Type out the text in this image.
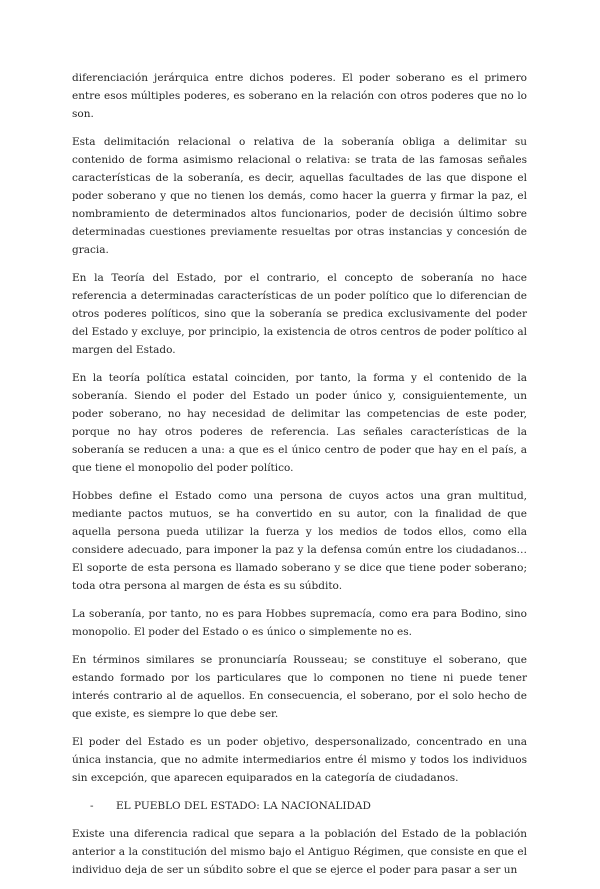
diferenciación jerárquica entre dichos poderes. El poder soberano es el primero entre esos múltiples poderes, es soberano en la relación con otros poderes que no lo son.

Esta delimitación relacional o relativa de la soberanía obliga a delimitar su contenido de forma asimismo relacional o relativa: se trata de las famosas señales características de la soberanía, es decir, aquellas facultades de las que dispone el poder soberano y que no tienen los demás, como hacer la guerra y firmar la paz, el nombramiento de determinados altos funcionarios, poder de decisión último sobre determinadas cuestiones previamente resueltas por otras instancias y concesión de gracia.

En la Teoría del Estado, por el contrario, el concepto de soberanía no hace referencia a determinadas características de un poder político que lo diferencian de otros poderes políticos, sino que la soberanía se predica exclusivamente del poder del Estado y excluye, por principio, la existencia de otros centros de poder político al margen del Estado.

En la teoría política estatal coinciden, por tanto, la forma y el contenido de la soberanía. Siendo el poder del Estado un poder único y, consiguientemente, un poder soberano, no hay necesidad de delimitar las competencias de este poder, porque no hay otros poderes de referencia. Las señales características de la soberanía se reducen a una: a que es el único centro de poder que hay en el país, a que tiene el monopolio del poder político.

Hobbes define el Estado como una persona de cuyos actos una gran multitud, mediante pactos mutuos, se ha convertido en su autor, con la finalidad de que aquella persona pueda utilizar la fuerza y los medios de todos ellos, como ella considere adecuado, para imponer la paz y la defensa común entre los ciudadanos… El soporte de esta persona es llamado soberano y se dice que tiene poder soberano; toda otra persona al margen de ésta es su súbdito.

La soberanía, por tanto, no es para Hobbes supremacía, como era para Bodino, sino monopolio. El poder del Estado o es único o simplemente no es.

En términos similares se pronunciaría Rousseau; se constituye el soberano, que estando formado por los particulares que lo componen no tiene ni puede tener interés contrario al de aquellos. En consecuencia, el soberano, por el solo hecho de que existe, es siempre lo que debe ser.

El poder del Estado es un poder objetivo, despersonalizado, concentrado en una única instancia, que no admite intermediarios entre él mismo y todos los individuos sin excepción, que aparecen equiparados en la categoría de ciudadanos.

-	EL PUEBLO DEL ESTADO: LA NACIONALIDAD

Existe una diferencia radical que separa a la población del Estado de la población anterior a la constitución del mismo bajo el Antiguo Régimen, que consiste en que el individuo deja de ser un súbdito sobre el que se ejerce el poder para pasar a ser un
